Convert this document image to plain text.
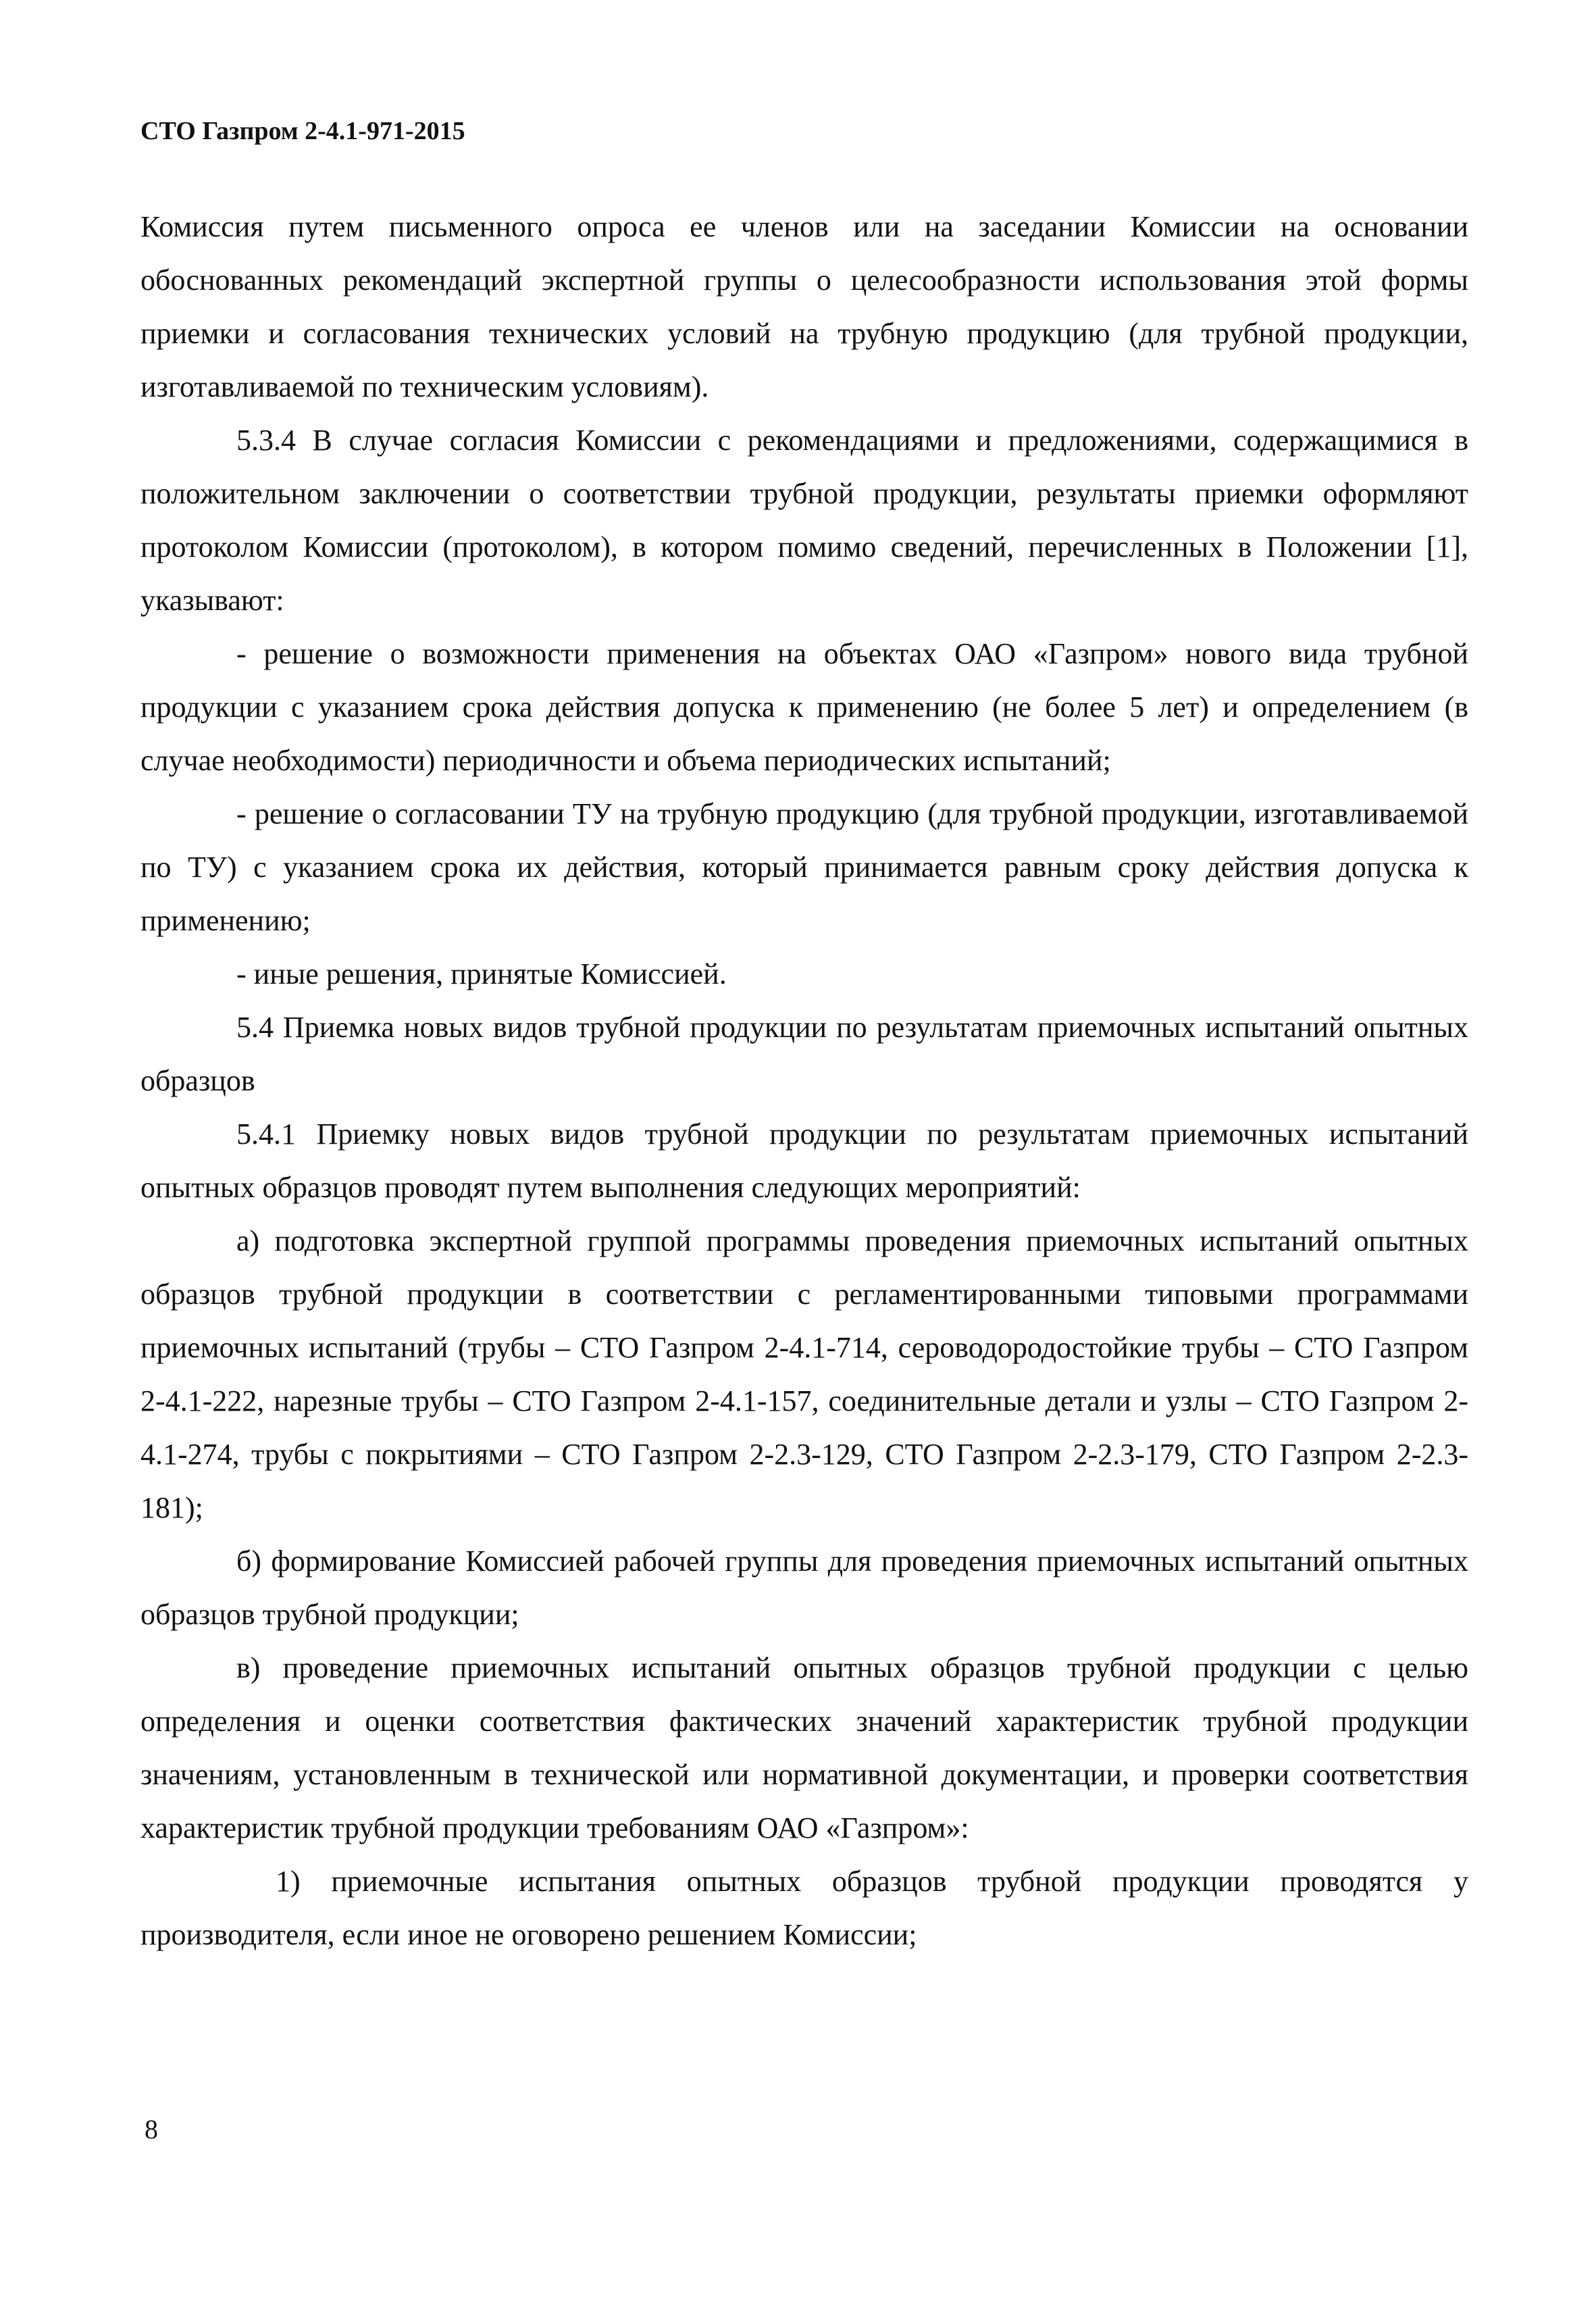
СТО Газпром 2-4.1-971-2015

Комиссия путем письменного опроса ее членов или на заседании Комиссии на основании обоснованных рекомендаций экспертной группы о целесообразности использования этой формы приемки и согласования технических условий на трубную продукцию (для трубной продукции, изготавливаемой по техническим условиям).

5.3.4 В случае согласия Комиссии с рекомендациями и предложениями, содержащимися в положительном заключении о соответствии трубной продукции, результаты приемки оформляют протоколом Комиссии (протоколом), в котором помимо сведений, перечисленных в Положении [1], указывают:

- решение о возможности применения на объектах ОАО «Газпром» нового вида трубной продукции с указанием срока действия допуска к применению (не более 5 лет) и определением (в случае необходимости) периодичности и объема периодических испытаний;

- решение о согласовании ТУ на трубную продукцию (для трубной продукции, изготавливаемой по ТУ) с указанием срока их действия, который принимается равным сроку действия допуска к применению;

- иные решения, принятые Комиссией.

5.4 Приемка новых видов трубной продукции по результатам приемочных испытаний опытных образцов

5.4.1 Приемку новых видов трубной продукции по результатам приемочных испытаний опытных образцов проводят путем выполнения следующих мероприятий:

а) подготовка экспертной группой программы проведения приемочных испытаний опытных образцов трубной продукции в соответствии с регламентированными типовыми программами приемочных испытаний (трубы – СТО Газпром 2-4.1-714, сероводородостойкие трубы – СТО Газпром 2-4.1-222, нарезные трубы – СТО Газпром 2-4.1-157, соединительные детали и узлы – СТО Газпром 2-4.1-274, трубы с покрытиями – СТО Газпром 2-2.3-129, СТО Газпром 2-2.3-179, СТО Газпром 2-2.3-181);

б) формирование Комиссией рабочей группы для проведения приемочных испытаний опытных образцов трубной продукции;

в) проведение приемочных испытаний опытных образцов трубной продукции с целью определения и оценки соответствия фактических значений характеристик трубной продукции значениям, установленным в технической или нормативной документации, и проверки соответствия характеристик трубной продукции требованиям ОАО «Газпром»:

1) приемочные испытания опытных образцов трубной продукции проводятся у производителя, если иное не оговорено решением Комиссии;

8
